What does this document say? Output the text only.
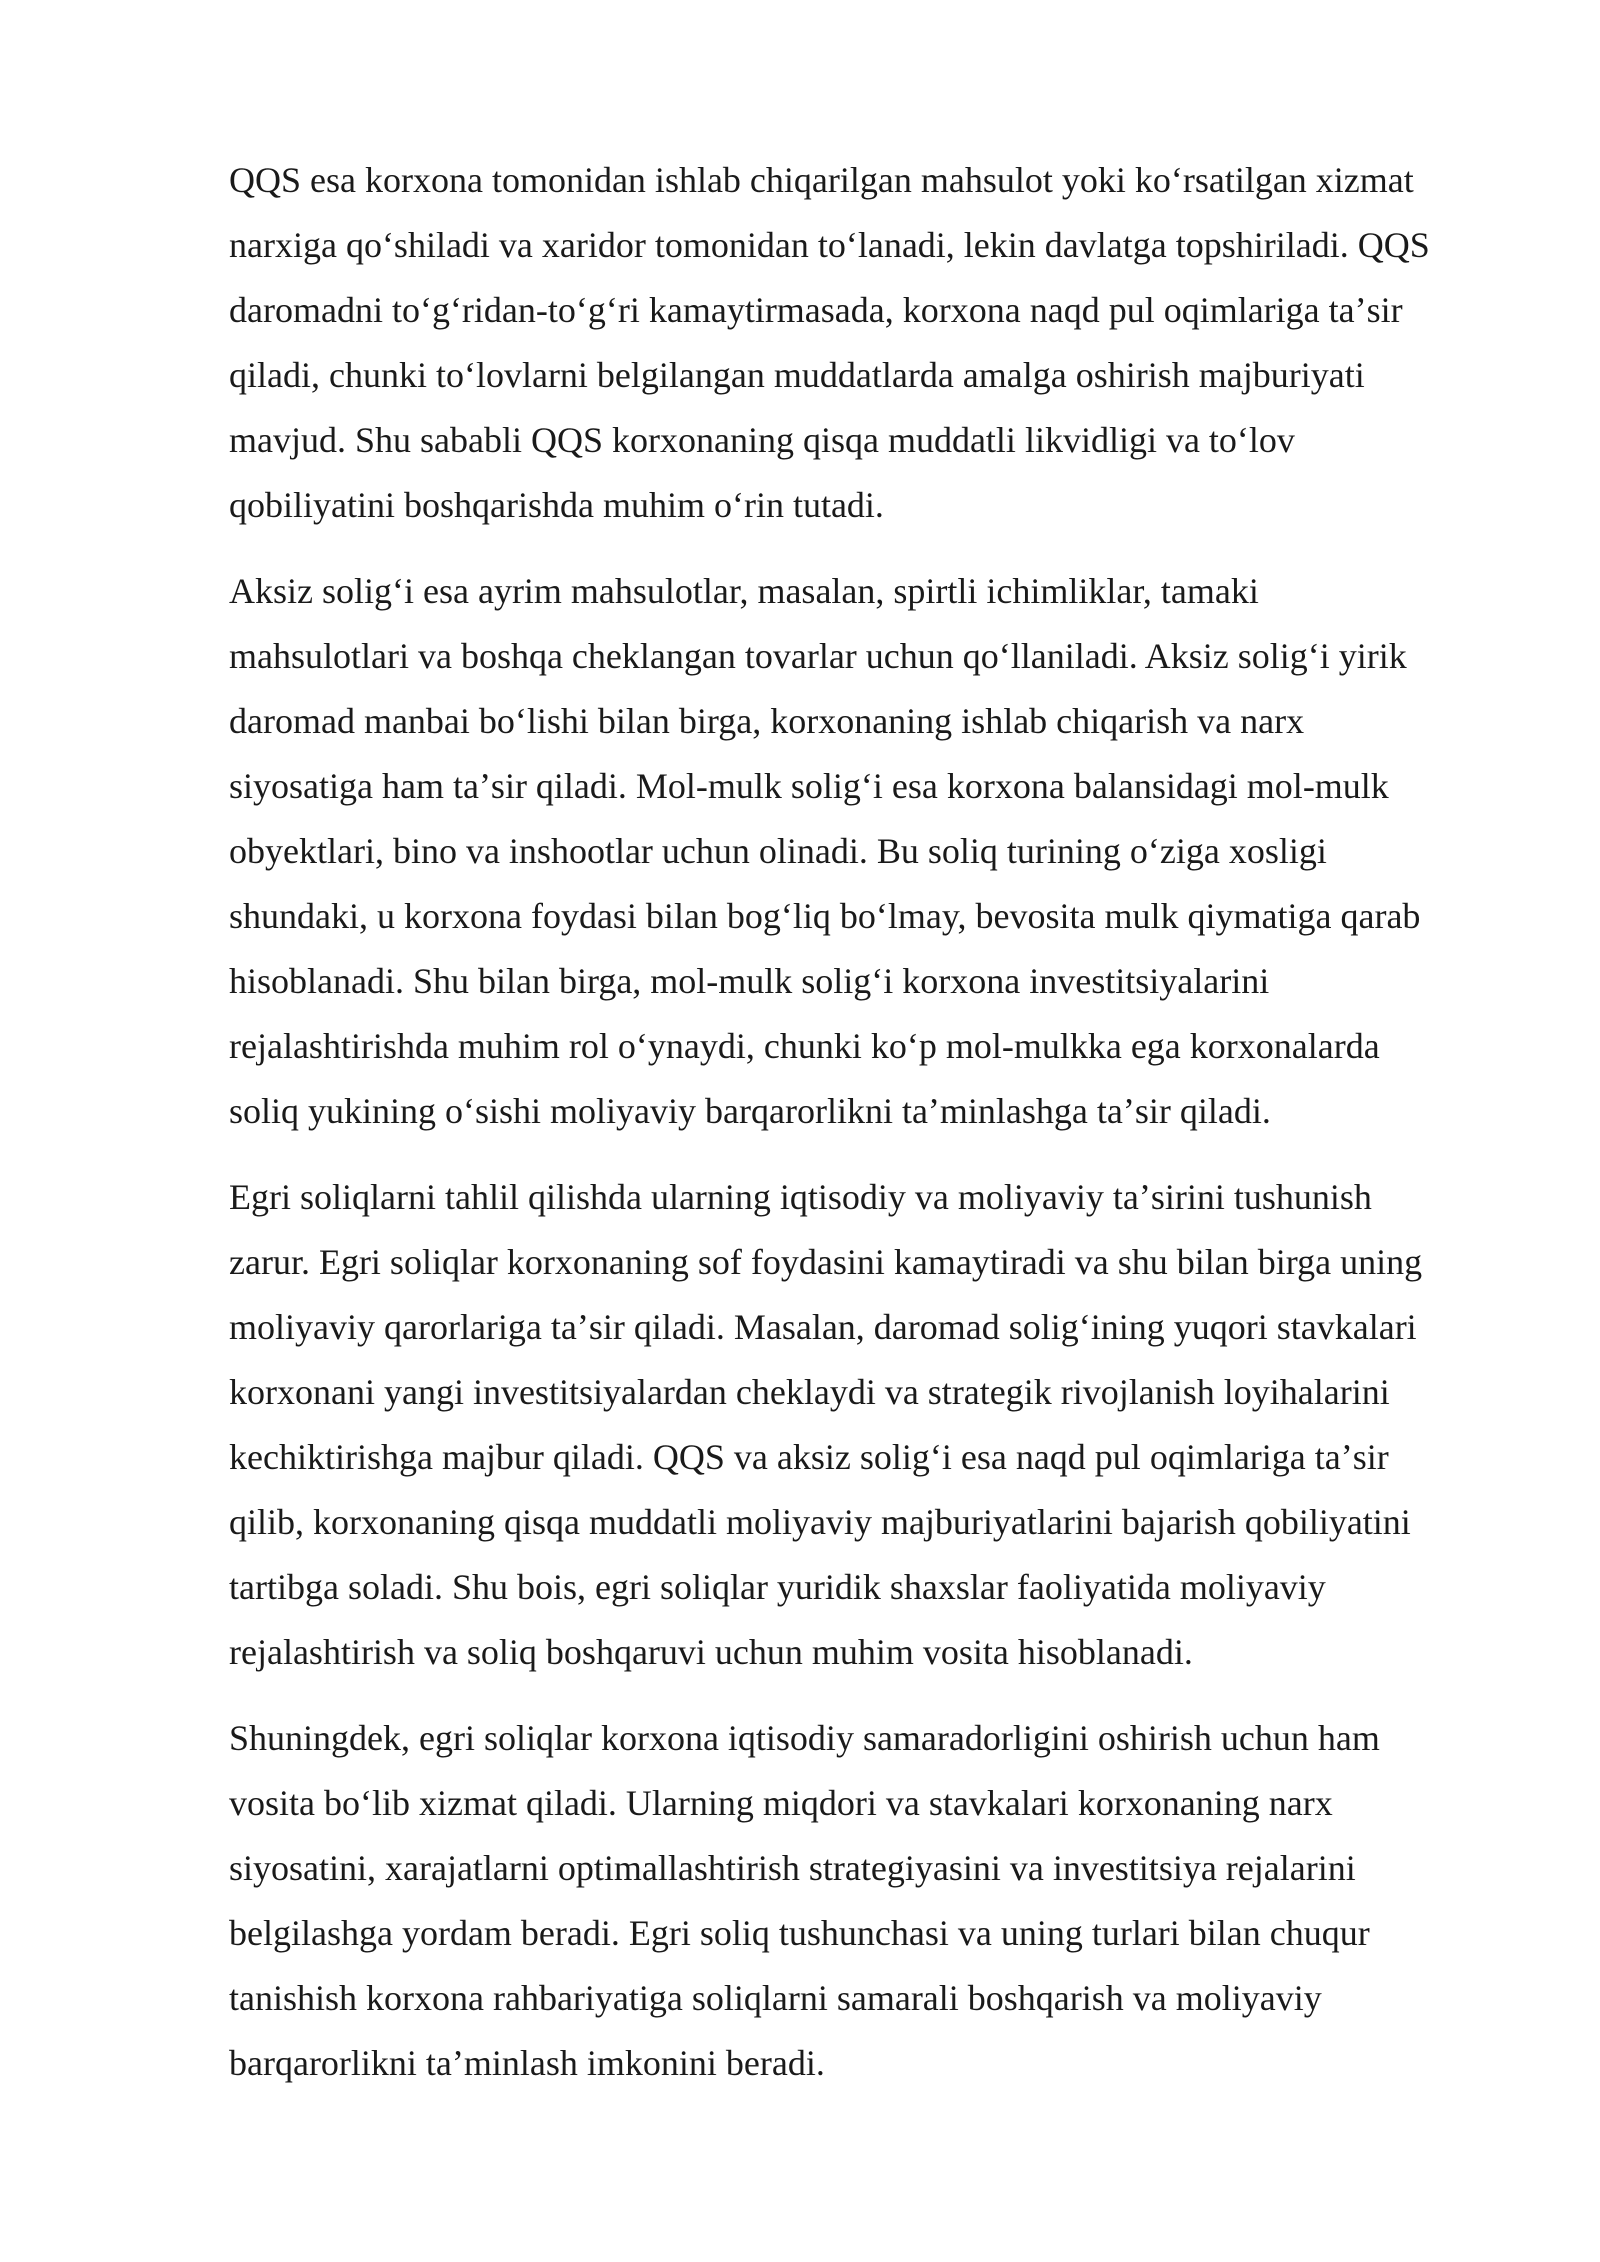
QQS esa korxona tomonidan ishlab chiqarilgan mahsulot yoki koʻrsatilgan xizmat
narxiga qoʻshiladi va xaridor tomonidan toʻlanadi, lekin davlatga topshiriladi. QQS
daromadni toʻgʻridan-toʻgʻri kamaytirmasada, korxona naqd pul oqimlariga taʼsir
qiladi, chunki toʻlovlarni belgilangan muddatlarda amalga oshirish majburiyati
mavjud. Shu sababli QQS korxonaning qisqa muddatli likvidligi va toʻlov
qobiliyatini boshqarishda muhim oʻrin tutadi.

Aksiz soligʻi esa ayrim mahsulotlar, masalan, spirtli ichimliklar, tamaki
mahsulotlari va boshqa cheklangan tovarlar uchun qoʻllaniladi. Aksiz soligʻi yirik
daromad manbai boʻlishi bilan birga, korxonaning ishlab chiqarish va narx
siyosatiga ham taʼsir qiladi. Mol-mulk soligʻi esa korxona balansidagi mol-mulk
obyektlari, bino va inshootlar uchun olinadi. Bu soliq turining oʻziga xosligi
shundaki, u korxona foydasi bilan bogʻliq boʻlmay, bevosita mulk qiymatiga qarab
hisoblanadi. Shu bilan birga, mol-mulk soligʻi korxona investitsiyalarini
rejalashtirishda muhim rol oʻynaydi, chunki koʻp mol-mulkka ega korxonalarda
soliq yukining oʻsishi moliyaviy barqarorlikni taʼminlashga taʼsir qiladi.

Egri soliqlarni tahlil qilishda ularning iqtisodiy va moliyaviy taʼsirini tushunish
zarur. Egri soliqlar korxonaning sof foydasini kamaytiradi va shu bilan birga uning
moliyaviy qarorlariga taʼsir qiladi. Masalan, daromad soligʻining yuqori stavkalari
korxonani yangi investitsiyalardan cheklaydi va strategik rivojlanish loyihalarini
kechiktirishga majbur qiladi. QQS va aksiz soligʻi esa naqd pul oqimlariga taʼsir
qilib, korxonaning qisqa muddatli moliyaviy majburiyatlarini bajarish qobiliyatini
tartibga soladi. Shu bois, egri soliqlar yuridik shaxslar faoliyatida moliyaviy
rejalashtirish va soliq boshqaruvi uchun muhim vosita hisoblanadi.

Shuningdek, egri soliqlar korxona iqtisodiy samaradorligini oshirish uchun ham
vosita boʻlib xizmat qiladi. Ularning miqdori va stavkalari korxonaning narx
siyosatini, xarajatlarni optimallashtirish strategiyasini va investitsiya rejalarini
belgilashga yordam beradi. Egri soliq tushunchasi va uning turlari bilan chuqur
tanishish korxona rahbariyatiga soliqlarni samarali boshqarish va moliyaviy
barqarorlikni taʼminlash imkonini beradi.
